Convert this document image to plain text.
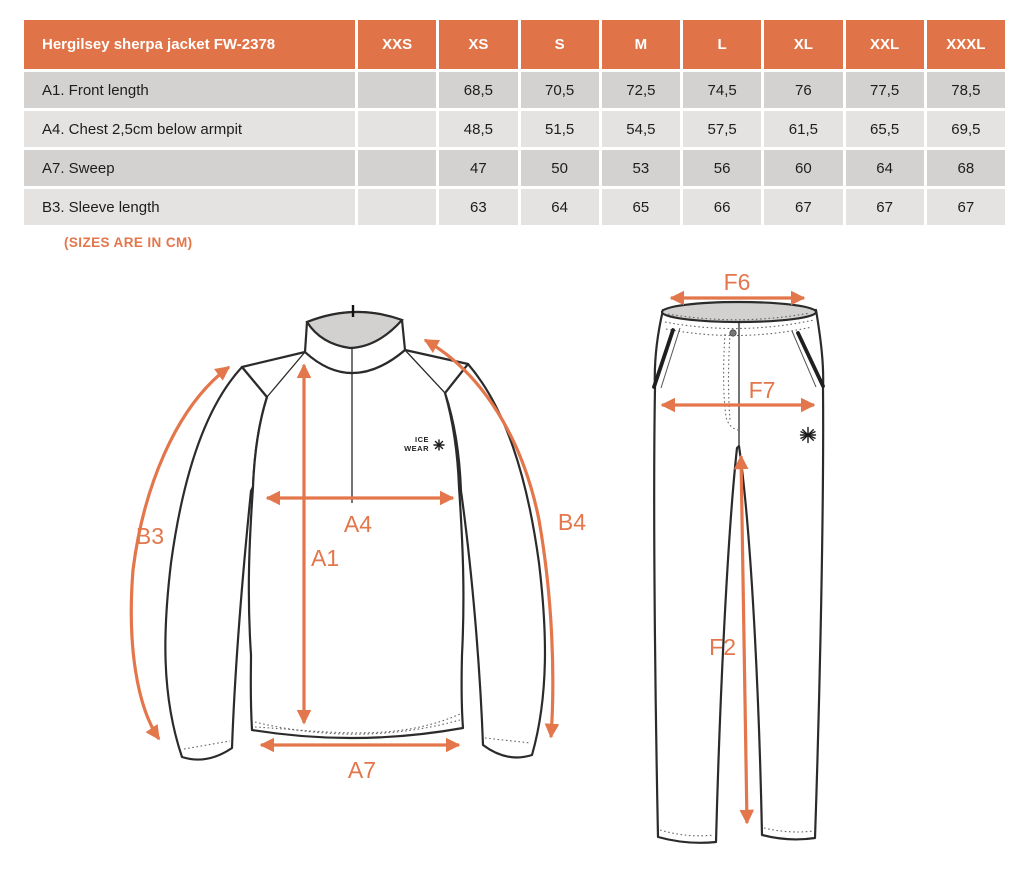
Hergilsey sherpa jacket FW-2378	XXS	XS	S	M	L	XL	XXL	XXXL
A1. Front length		68,5	70,5	72,5	74,5	76	77,5	78,5
A4. Chest 2,5cm below armpit		48,5	51,5	54,5	57,5	61,5	65,5	69,5
A7. Sweep		47	50	53	56	60	64	68
B3. Sleeve length		63	64	65	66	67	67	67
(SIZES ARE IN CM)
ICE
WEAR
A1
A4
A7
B3
B4
F6
F7
F2
